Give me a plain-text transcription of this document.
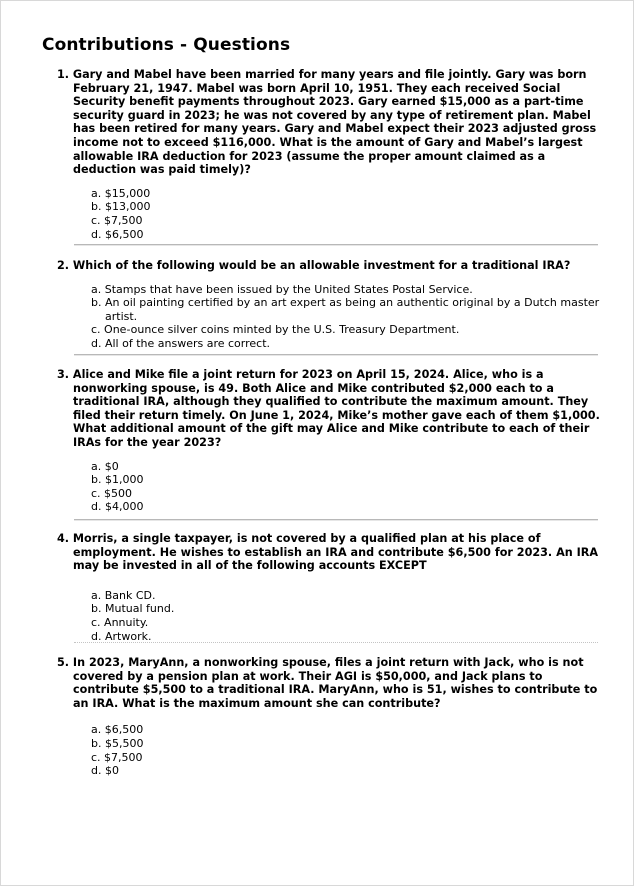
Contributions - Questions

1. Gary and Mabel have been married for many years and file jointly. Gary was born February 21, 1947. Mabel was born April 10, 1951. They each received Social Security benefit payments throughout 2023. Gary earned $15,000 as a part-time security guard in 2023; he was not covered by any type of retirement plan. Mabel has been retired for many years. Gary and Mabel expect their 2023 adjusted gross income not to exceed $116,000. What is the amount of Gary and Mabel’s largest allowable IRA deduction for 2023 (assume the proper amount claimed as a deduction was paid timely)?

a. $15,000
b. $13,000
c. $7,500
d. $6,500

2. Which of the following would be an allowable investment for a traditional IRA?

a. Stamps that have been issued by the United States Postal Service.
b. An oil painting certified by an art expert as being an authentic original by a Dutch master artist.
c. One-ounce silver coins minted by the U.S. Treasury Department.
d. All of the answers are correct.

3. Alice and Mike file a joint return for 2023 on April 15, 2024. Alice, who is a nonworking spouse, is 49. Both Alice and Mike contributed $2,000 each to a traditional IRA, although they qualified to contribute the maximum amount. They filed their return timely. On June 1, 2024, Mike’s mother gave each of them $1,000. What additional amount of the gift may Alice and Mike contribute to each of their IRAs for the year 2023?

a. $0
b. $1,000
c. $500
d. $4,000

4. Morris, a single taxpayer, is not covered by a qualified plan at his place of employment. He wishes to establish an IRA and contribute $6,500 for 2023. An IRA may be invested in all of the following accounts EXCEPT

a. Bank CD.
b. Mutual fund.
c. Annuity.
d. Artwork.

5. In 2023, MaryAnn, a nonworking spouse, files a joint return with Jack, who is not covered by a pension plan at work. Their AGI is $50,000, and Jack plans to contribute $5,500 to a traditional IRA. MaryAnn, who is 51, wishes to contribute to an IRA. What is the maximum amount she can contribute?

a. $6,500
b. $5,500
c. $7,500
d. $0
